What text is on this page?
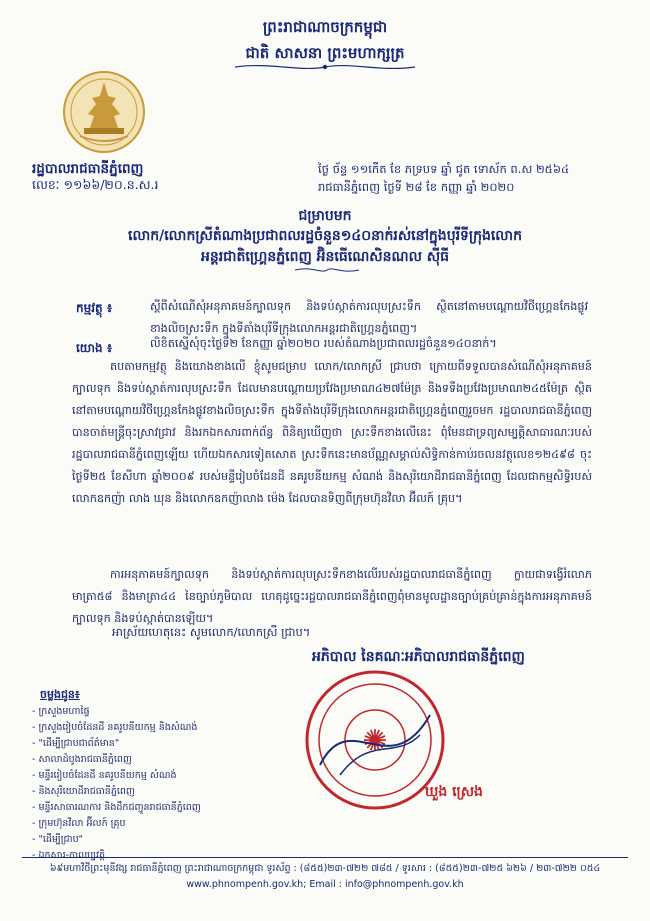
ព្រះរាជាណាចក្រកម្ពុជា
ជាតិ សាសនា ព្រះមហាក្សត្រ
រដ្ឋបាលរាជធានីភ្នំពេញ
លេខៈ ១១៦៦/២០.ន.ស.រ
ថ្ងៃ ច័ន្ទ ១១កើត ខែ ភទ្របទ ឆ្នាំ ជូត ទោស័ក ព.ស ២៥៦៤
រាជធានីភ្នំពេញ ថ្ងៃទី ២៨ ខែ កញ្ញា ឆ្នាំ ២០២០
ជម្រាបមក
លោក/លោកស្រីតំណាងប្រជាពលរដ្ឋចំនួន១៤០នាក់រស់នៅក្នុងបុរីទីក្រុងលោក
អន្តរជាតិហ្គ្រេនភ្នំពេញ អ៊ិនធើណេសិនណល ស៊ីធី
កម្មវត្ថុ ៖	ស្តីពីសំណើសុំអនុភាគមន៍ក្បាលទុក និងទប់ស្កាត់ការលុបស្រះទឹក ស្ថិតនៅតាមបណ្តោយវិថីហ្គ្រេនកែងផ្លូវខាងលិចស្រះទឹក ក្នុងទីតាំងបុរីទីក្រុងលោកអន្តរជាតិហ្គ្រេនភ្នំពេញ។
យោង ៖	លិខិតស្នើសុំចុះថ្ងៃទី២ ខែកញ្ញា ឆ្នាំ២០២០ របស់តំណាងប្រជាពលរដ្ឋចំនួន១៤០នាក់។
តបតាមកម្មវត្ថុ និងយោងខាងលើ ខ្ញុំសូមជម្រាប លោក/លោកស្រី ជ្រាបថា ក្រោយពីទទួលបានសំណើសុំអនុភាគមន៍ក្បាលទុក និងទប់ស្កាត់ការលុបស្រះទឹក ដែលមានបណ្តោយប្រវែងប្រមាណ៤២៧ម៉ែត្រ និងទទឹងប្រវែងប្រមាណ២៤៥ម៉ែត្រ ស្ថិតនៅតាមបណ្តោយវិថីហ្គ្រេនកែងផ្លូវខាងលិចស្រះទឹក ក្នុងទីតាំងបុរីទីក្រុងលោកអន្តរជាតិហ្គ្រេនភ្នំពេញរួចមក រដ្ឋបាលរាជធានីភ្នំពេញបានចាត់មន្រ្តីចុះស្រាវជ្រាវ និងរកឯកសារពាក់ព័ន្ធ ពិនិត្យឃើញថា ស្រះទឹកខាងលើនេះ ពុំមែនជាទ្រព្យសម្បត្តិសាធារណៈរបស់រដ្ឋបាលរាជធានីភ្នំពេញឡើយ ហើយឯកសារទៀតសោត ស្រះទឹកនេះមានប័ណ្ណសម្គាល់សិទ្ធិកាន់កាប់រចលនវត្ថុលេខ១២៤៩៨ ចុះថ្ងៃទី២៥ ខែសីហា ឆ្នាំ២០០៩ របស់មន្ទីរៀបចំដែនដី នគរូបនីយកម្ម សំណង់ និងសុរិយោដីរាជធានីភ្នំពេញ ដែលជាកម្មសិទ្ធិរបស់លោកឧកញ៉ា លាង ឃុន និងលោកឧកញ៉ាលាង ម៉េង ដែលបានទិញពីក្រុមហ៊ុនវិលា អ៊ីលក៍ គ្រុប។
ការអនុភាគមន៍ក្បាលទុក និងទប់ស្កាត់ការលុបស្រះទឹកខាងលើរបស់រដ្ឋបាលរាជធានីភ្នំពេញ ក្លាយជាទង្វើរំលោភមាត្រា៥៨ និងមាត្រា៤៤ នៃច្បាប់ភូមិបាល ហេតុដូច្នេះរដ្ឋបាលរាជធានីភ្នំពេញពុំមានមូលដ្ឋានច្បាប់គ្រប់គ្រាន់ក្នុងការអនុភាគមន៍ក្បាលទុក និងទប់ស្កាត់បានឡើយ។
អាស្រ័យហេតុនេះ សូមលោក/លោកស្រី ជ្រាប។
អភិបាល នៃគណៈអភិបាលរាជធានីភ្នំពេញ
✺
ឃួង ស្រេង
ចម្លងជូន៖
- ក្រសួងមហាផ្ទៃ
- ក្រសួងរៀបចំដែនដី នគរូបនីយកម្ម និងសំណង់
- "ដើម្បីជ្រាបជាព័ត៌មាន"
- សាលាដំបូងរាជធានីភ្នំពេញ
- មន្ទីររៀបចំដែនដី នគរូបនីយកម្ម សំណង់
- និងសុរិយោដីរាជធានីភ្នំពេញ
- មន្ទីរសាធារណការ និងដឹកជញ្ជូនរាជធានីភ្នំពេញ
- ក្រុមហ៊ុនវិលា អ៊ីលក៍ គ្រុប
- "ដើម្បីជ្រាប"
- ឯកសារ-កាលប្បវត្តិ
៦៩មហាវិថីព្រះមុនីវង្ស រាជធានីភ្នំពេញ ព្រះរាជាណាចក្រកម្ពុជា ទូរស័ព្ទ : (៨៥៥)២៣-៧២២ ៧៨៥ / ទូរសារ : (៨៥៥)២៣-៧២៥ ៦២៦ / ២៣-៧២២ ០៥៤
www.phnompenh.gov.kh; Email : info@phnompenh.gov.kh
